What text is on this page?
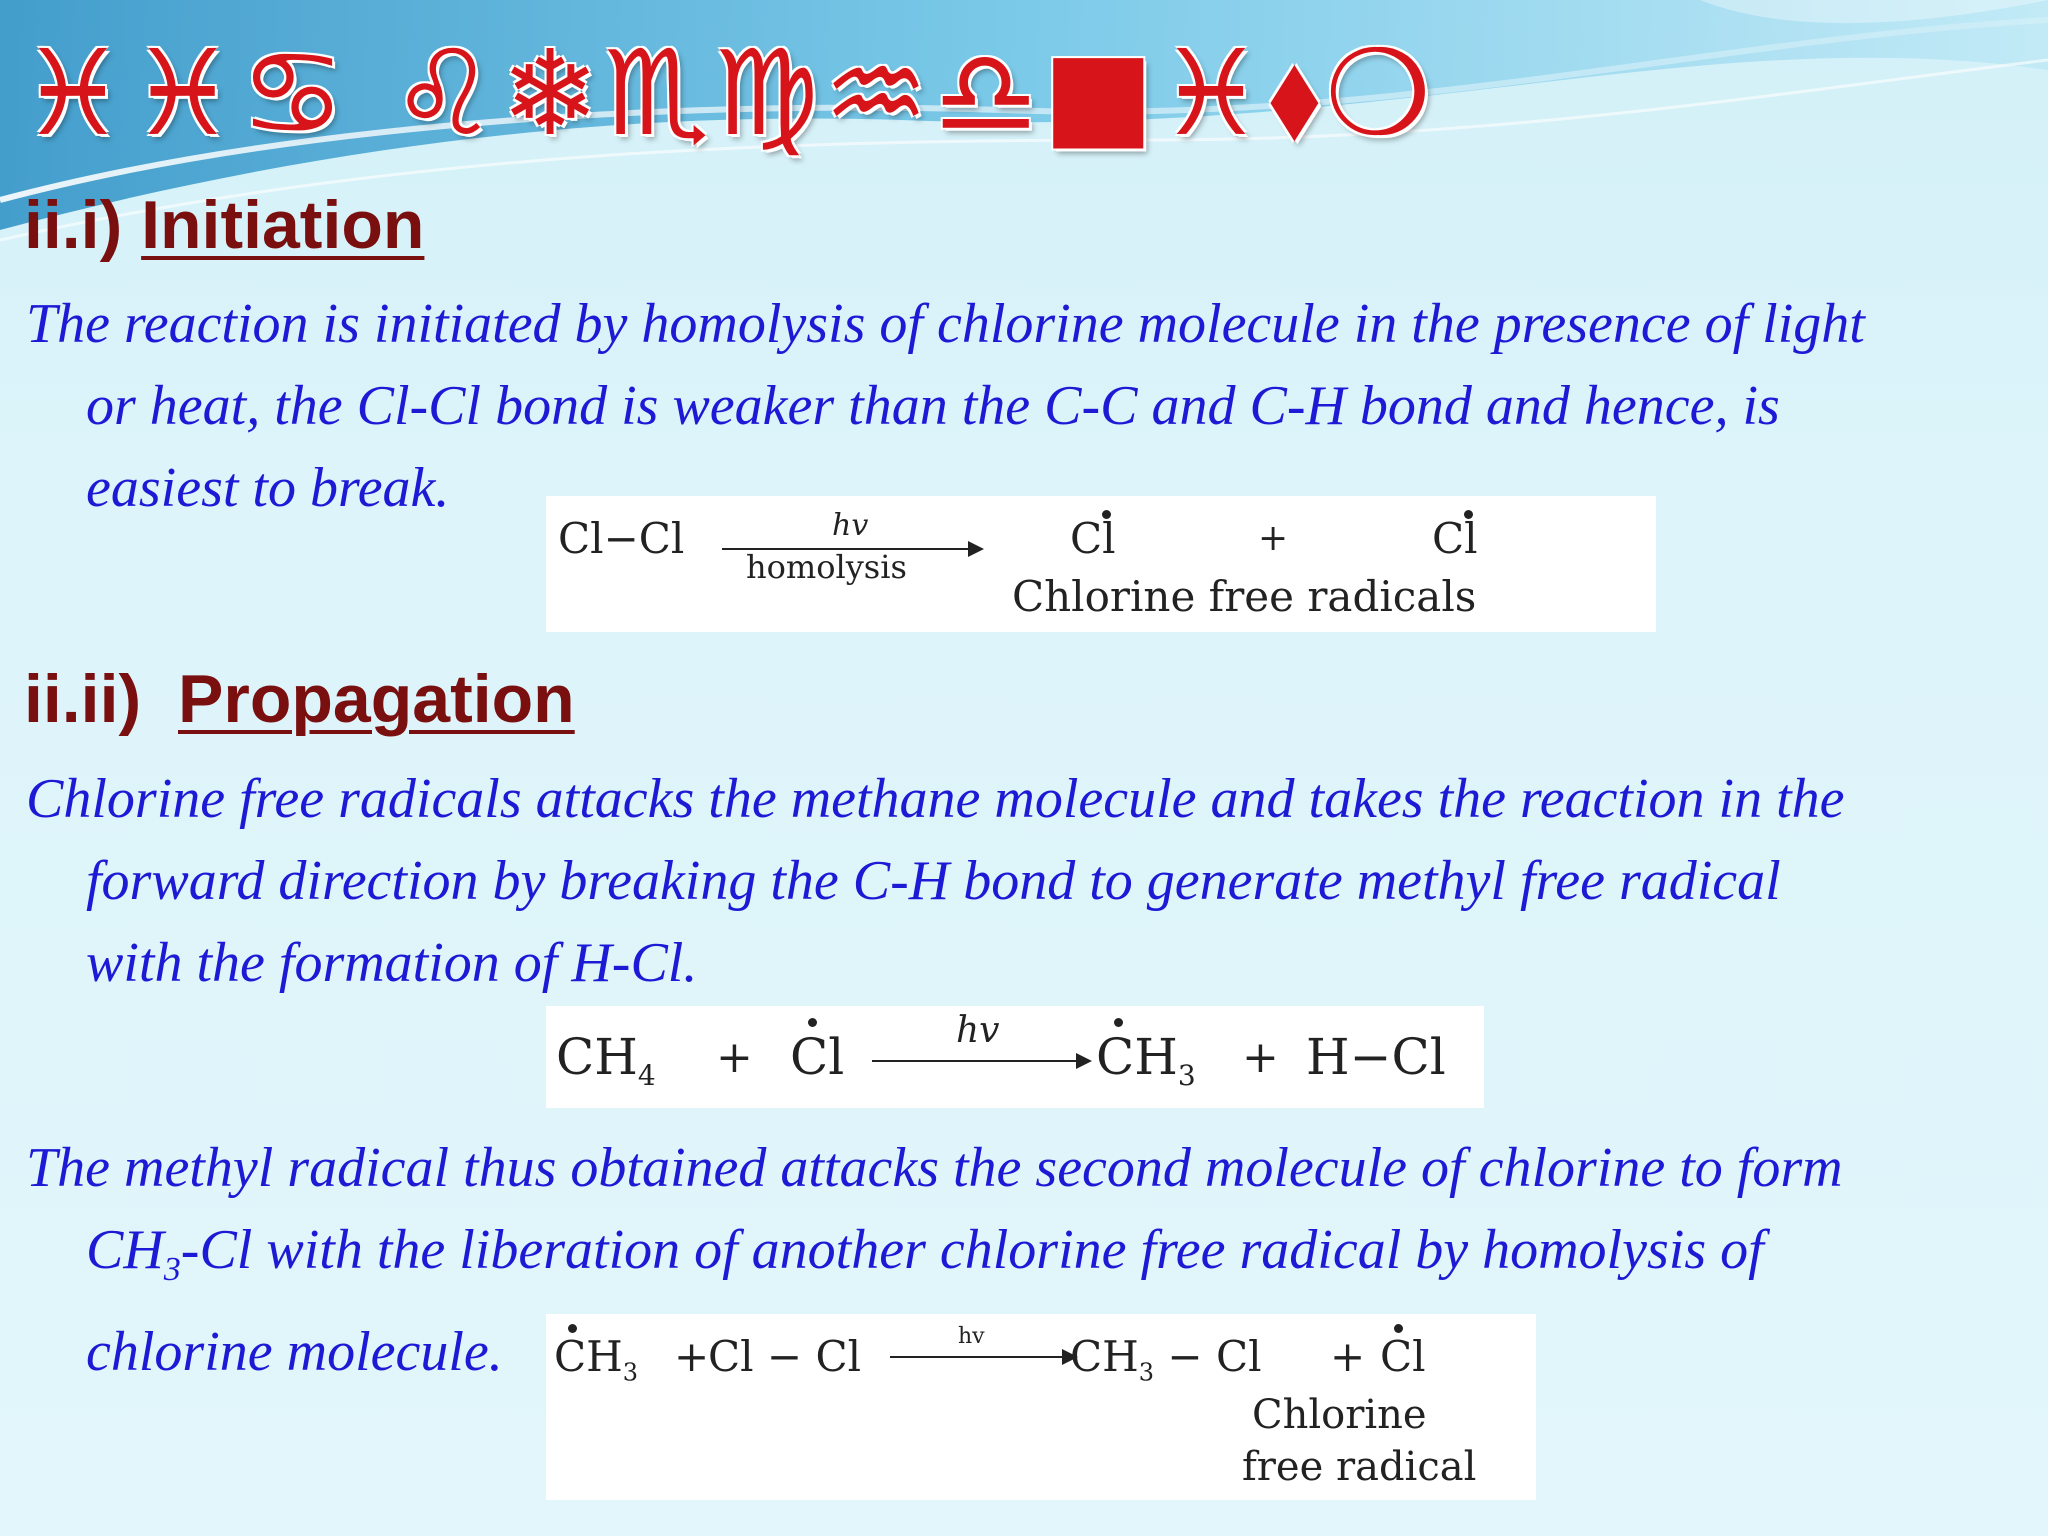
♓♓♋ ♌❄♏♍♒♎■♓⬧❍
ii.i) Initiation
The reaction is initiated by homolysis of chlorine molecule in the presence of light
or heat, the Cl-Cl bond is weaker than the C-C and C-H bond and hence, is
easiest to break.
Cl−Cl	hv
homolysis
Cl	+	Cl
Chlorine free radicals
ii.ii) Propagation
Chlorine free radicals attacks the methane molecule and takes the reaction in the
forward direction by breaking the C-H bond to generate methyl free radical
with the formation of H-Cl.
$CH_4 + Cl$	hv $CH_3 + H-Cl$
The methyl radical thus obtained attacks the second molecule of chlorine to form
$CH_3-Cl$ with the liberation of another chlorine free radical by homolysis of
chlorine molecule.	$CH_3$ +
Cl − Cl	hv $CH_3 - Cl + Cl$
Chlorine
free radical
